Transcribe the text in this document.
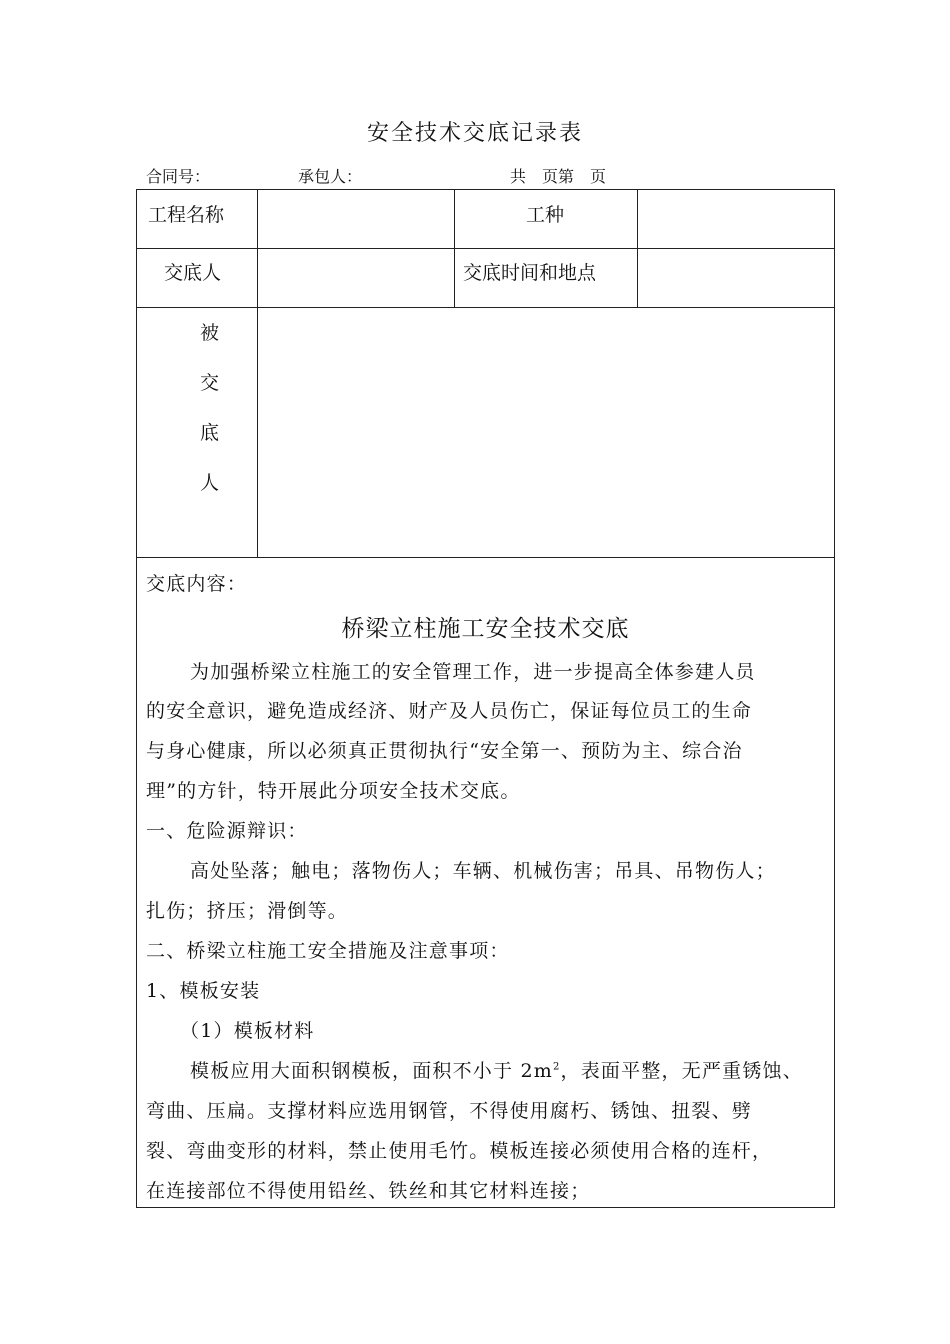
安全技术交底记录表
合同号：	承包人：	共　页第　页
工程名称	工种
交底人	交底时间和地点
被
交
底
人
交底内容：
桥梁立柱施工安全技术交底
为加强桥梁立柱施工的安全管理工作，进一步提高全体参建人员
的安全意识，避免造成经济、财产及人员伤亡，保证每位员工的生命
与身心健康，所以必须真正贯彻执行“安全第一、预防为主、综合治
理”的方针，特开展此分项安全技术交底。
一、危险源辩识：
高处坠落；触电；落物伤人；车辆、机械伤害；吊具、吊物伤人；
扎伤；挤压；滑倒等。
二、桥梁立柱施工安全措施及注意事项：
1、模板安装
（1）模板材料
模板应用大面积钢模板，面积不小于 $2m^2$，表面平整，无严重锈蚀、
弯曲、压扁。支撑材料应选用钢管，不得使用腐朽、锈蚀、扭裂、劈
裂、弯曲变形的材料，禁止使用毛竹。模板连接必须使用合格的连杆，
在连接部位不得使用铅丝、铁丝和其它材料连接；
